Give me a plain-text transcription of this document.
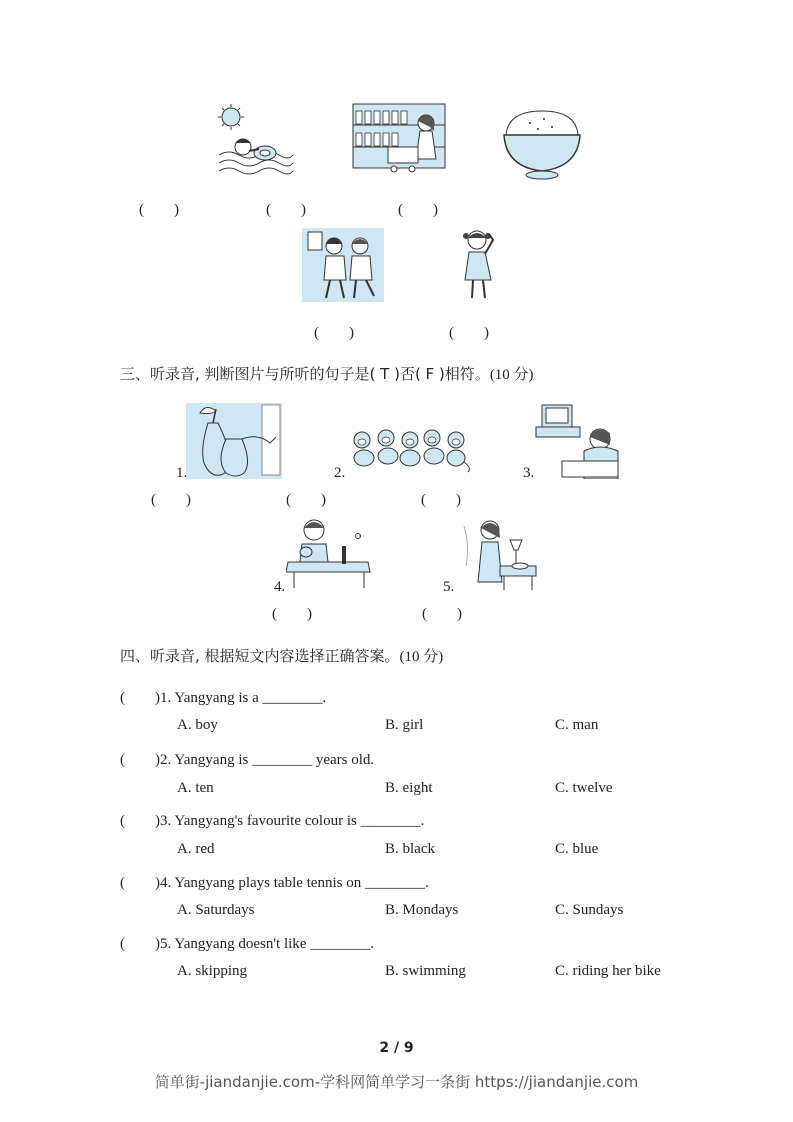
(　　)	(　　)	(　　)
(　　)	(　　)
三、听录音, 判断图片与所听的句子是( T )否( F )相符。(10 分)
1.	2.	3.
(　　)	(　　)	(　　)
4.	5.
(　　)	(　　)
四、听录音, 根据短文内容选择正确答案。(10 分)
(　　)1. Yangyang is a ________.
A. boy	B. girl	C. man
(　　)2. Yangyang is ________ years old.
A. ten	B. eight	C. twelve
(　　)3. Yangyang's favourite colour is ________.
A. red	B. black	C. blue
(　　)4. Yangyang plays table tennis on ________.
A. Saturdays	B. Mondays	C. Sundays
(　　)5. Yangyang doesn't like ________.
A. skipping	B. swimming	C. riding her bike
2 / 9
简单街-jiandanjie.com-学科网简单学习一条街 https://jiandanjie.com
